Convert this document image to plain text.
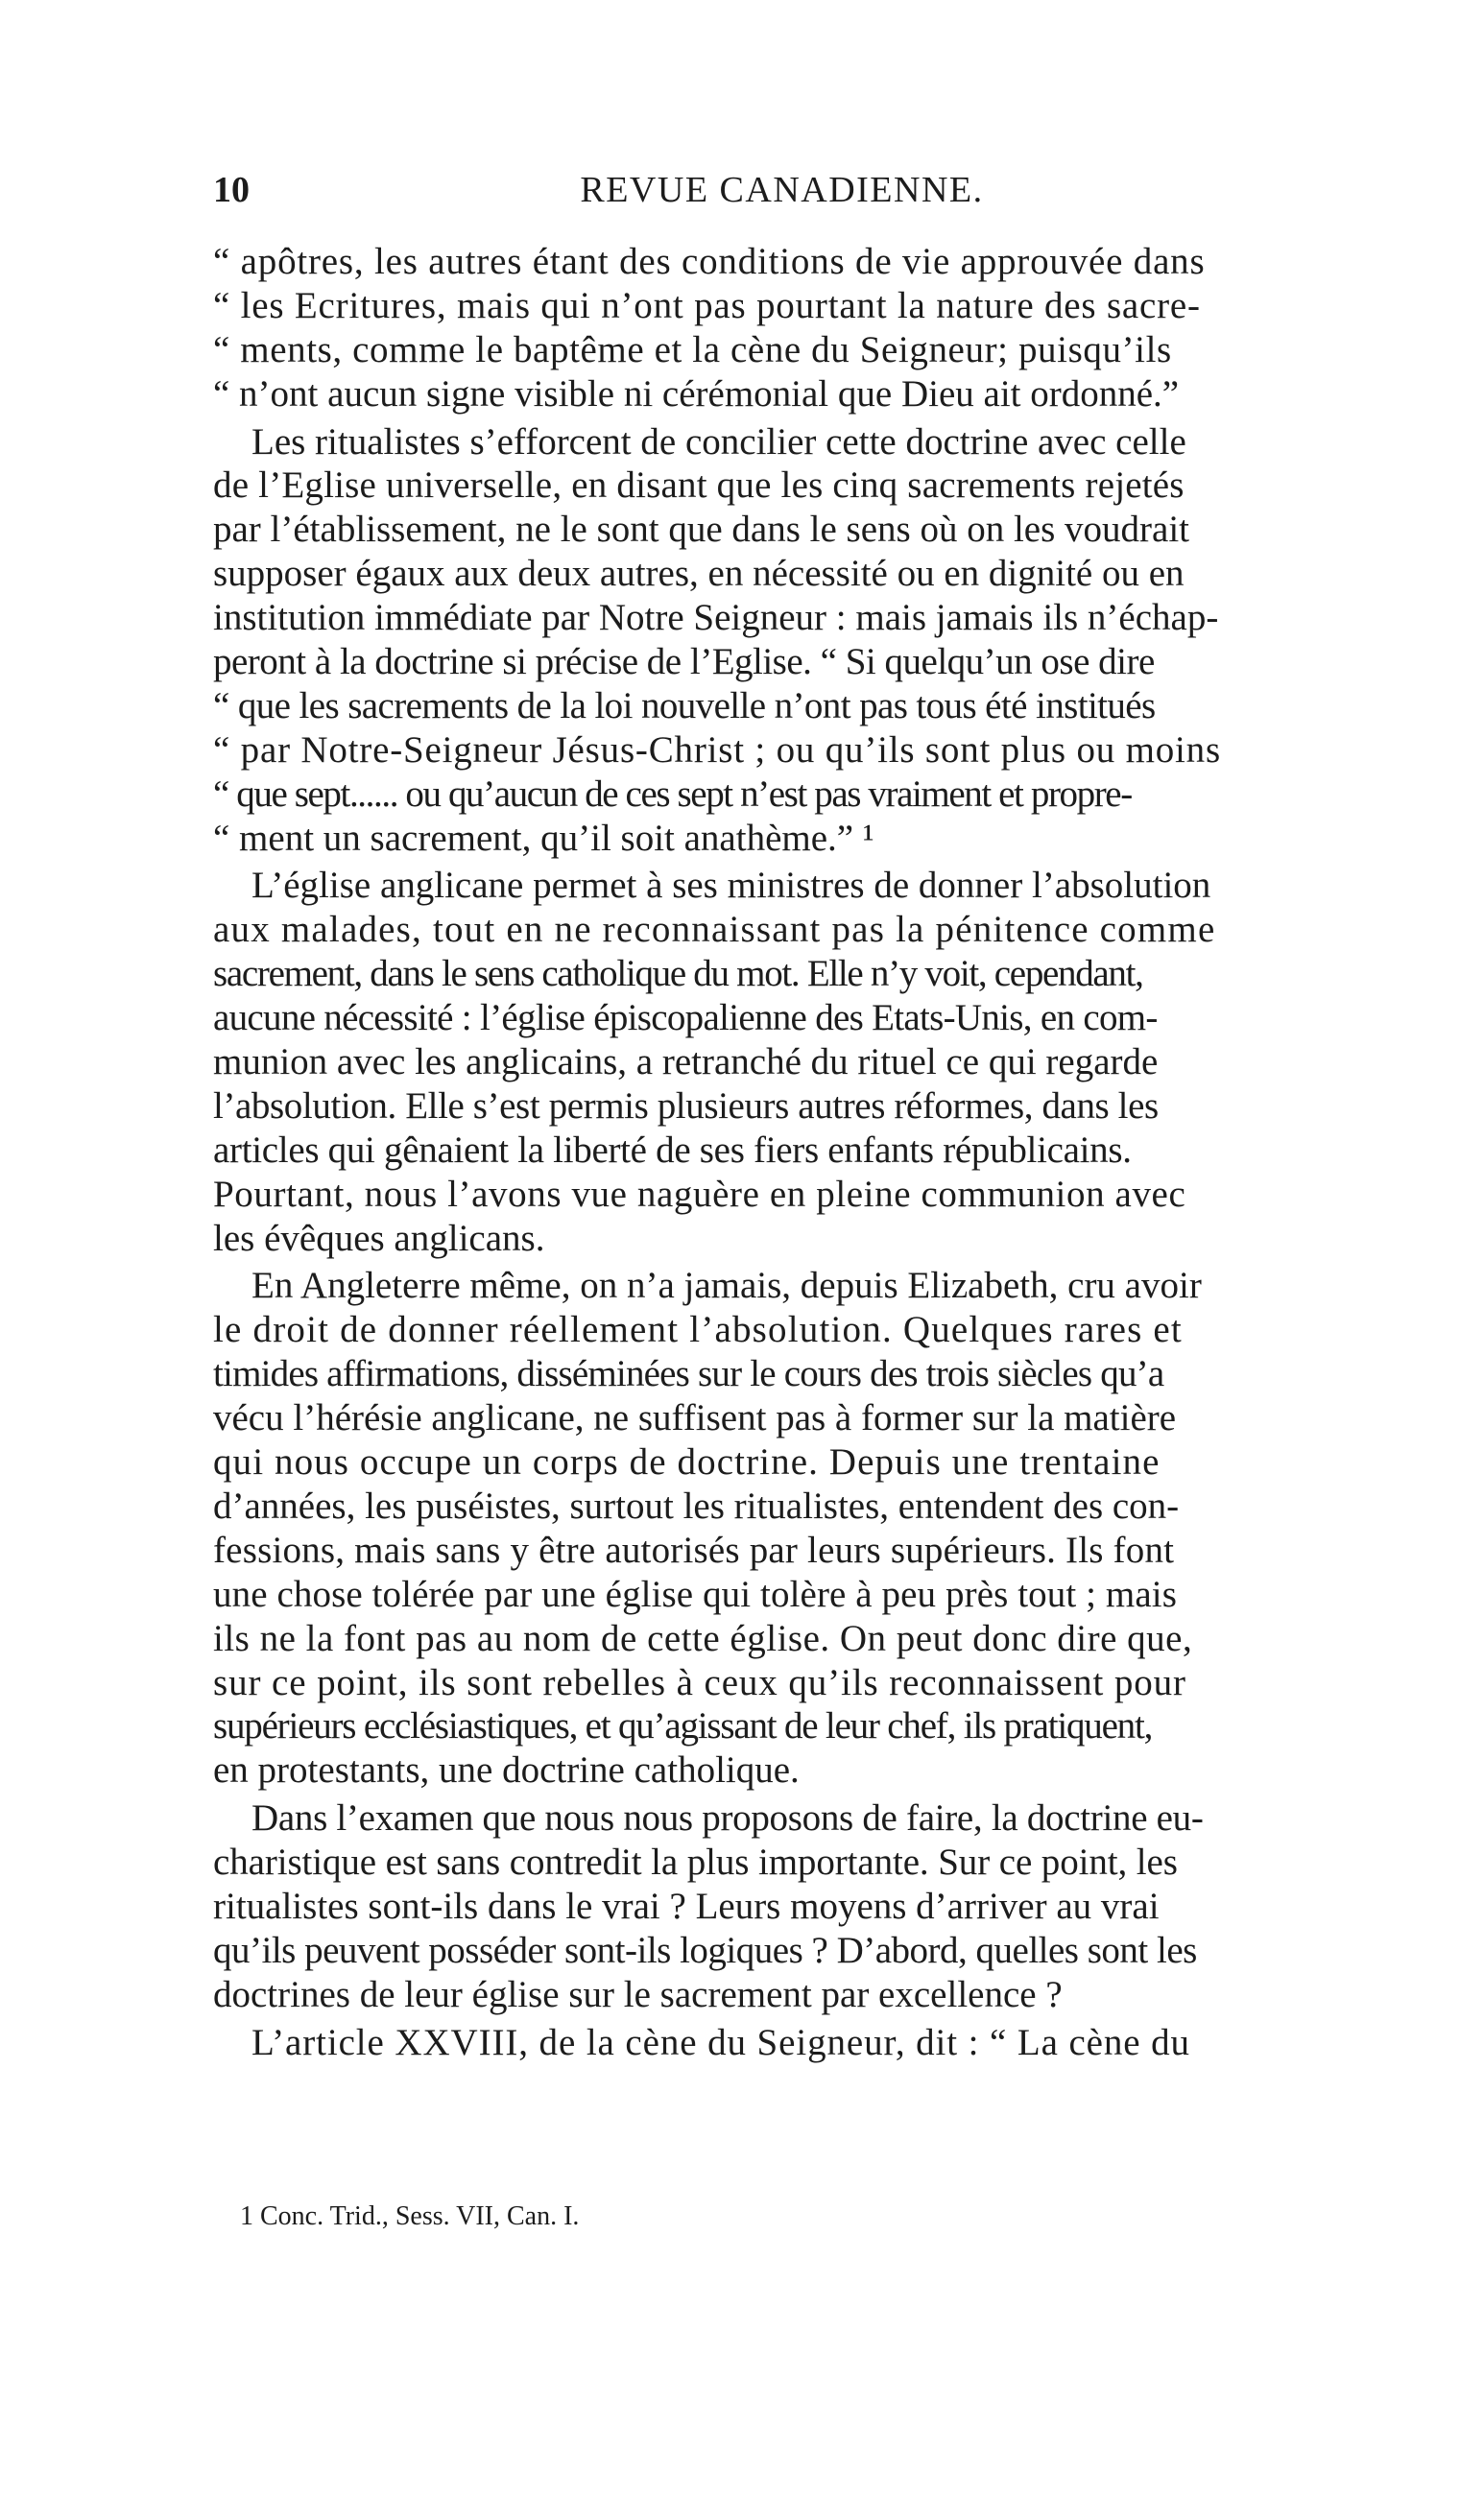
10	REVUE CANADIENNE.
“ apôtres, les autres étant des conditions de vie approuvée dans
“ les Ecritures, mais qui n’ont pas pourtant la nature des sacre-
“ ments, comme le baptême et la cène du Seigneur; puisqu’ils
“ n’ont aucun signe visible ni cérémonial que Dieu ait ordonné.”
Les ritualistes s’efforcent de concilier cette doctrine avec celle
de l’Eglise universelle, en disant que les cinq sacrements rejetés
par l’établissement, ne le sont que dans le sens où on les voudrait
supposer égaux aux deux autres, en nécessité ou en dignité ou en
institution immédiate par Notre Seigneur : mais jamais ils n’échap-
peront à la doctrine si précise de l’Eglise. “ Si quelqu’un ose dire
“ que les sacrements de la loi nouvelle n’ont pas tous été institués
“ par Notre-Seigneur Jésus-Christ ; ou qu’ils sont plus ou moins
“ que sept...... ou qu’aucun de ces sept n’est pas vraiment et propre-
“ ment un sacrement, qu’il soit anathème.” ¹
L’église anglicane permet à ses ministres de donner l’absolution
aux malades, tout en ne reconnaissant pas la pénitence comme
sacrement, dans le sens catholique du mot. Elle n’y voit, cependant,
aucune nécessité : l’église épiscopalienne des Etats-Unis, en com-
munion avec les anglicains, a retranché du rituel ce qui regarde
l’absolution. Elle s’est permis plusieurs autres réformes, dans les
articles qui gênaient la liberté de ses fiers enfants républicains.
Pourtant, nous l’avons vue naguère en pleine communion avec
les évêques anglicans.
En Angleterre même, on n’a jamais, depuis Elizabeth, cru avoir
le droit de donner réellement l’absolution. Quelques rares et
timides affirmations, disséminées sur le cours des trois siècles qu’a
vécu l’hérésie anglicane, ne suffisent pas à former sur la matière
qui nous occupe un corps de doctrine. Depuis une trentaine
d’années, les puséistes, surtout les ritualistes, entendent des con-
fessions, mais sans y être autorisés par leurs supérieurs. Ils font
une chose tolérée par une église qui tolère à peu près tout ; mais
ils ne la font pas au nom de cette église. On peut donc dire que,
sur ce point, ils sont rebelles à ceux qu’ils reconnaissent pour
supérieurs ecclésiastiques, et qu’agissant de leur chef, ils pratiquent,
en protestants, une doctrine catholique.
Dans l’examen que nous nous proposons de faire, la doctrine eu-
charistique est sans contredit la plus importante. Sur ce point, les
ritualistes sont-ils dans le vrai ? Leurs moyens d’arriver au vrai
qu’ils peuvent posséder sont-ils logiques ? D’abord, quelles sont les
doctrines de leur église sur le sacrement par excellence ?
L’article XXVIII, de la cène du Seigneur, dit : “ La cène du
1 Conc. Trid., Sess. VII, Can. I.
